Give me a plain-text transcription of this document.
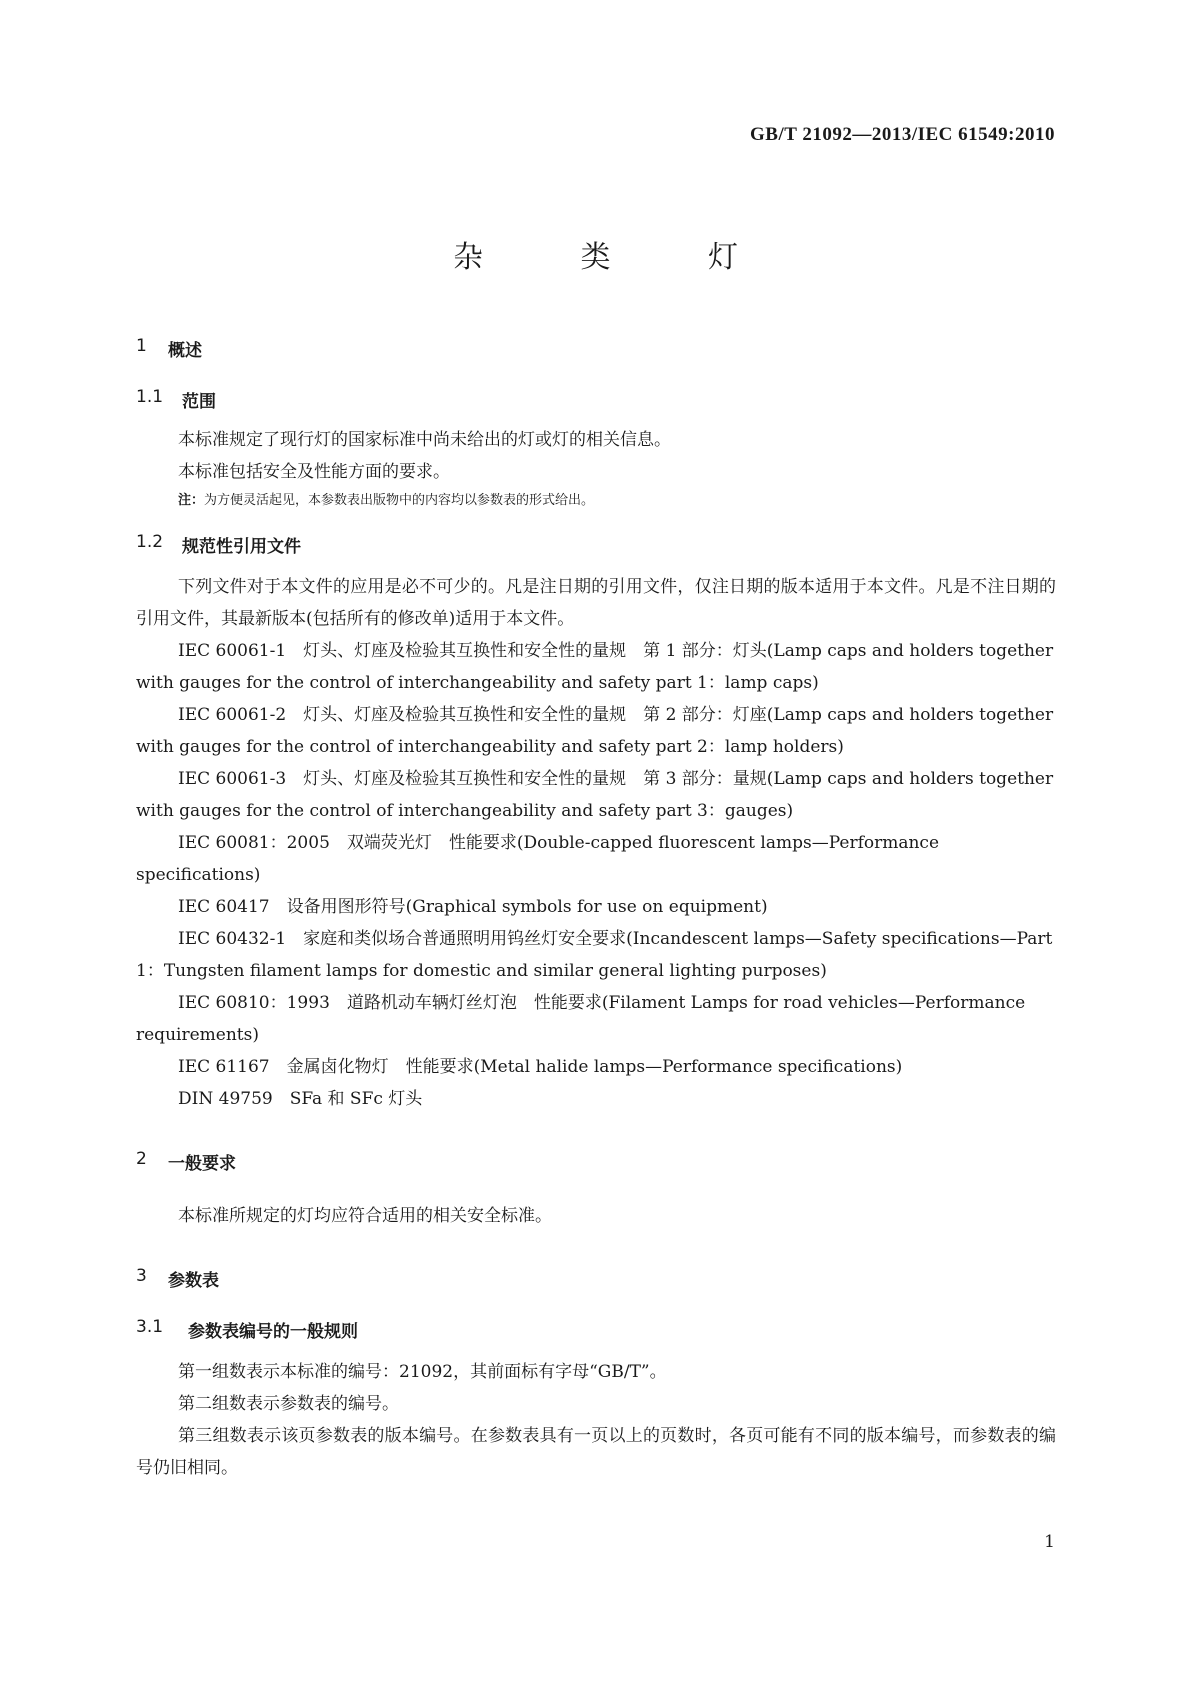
GB/T 21092—2013/IEC 61549:2010
杂 类 灯
1	概述
1.1	范围

本标准规定了现行灯的国家标准中尚未给出的灯或灯的相关信息。

本标准包括安全及性能方面的要求。

注：为方便灵活起见，本参数表出版物中的内容均以参数表的形式给出。

1.2	规范性引用文件

下列文件对于本文件的应用是必不可少的。凡是注日期的引用文件，仅注日期的版本适用于本文件。凡是不注日期的引用文件，其最新版本(包括所有的修改单)适用于本文件。

IEC 60061-1　灯头、灯座及检验其互换性和安全性的量规　第 1 部分：灯头(Lamp caps and holders together with gauges for the control of interchangeability and safety part 1：lamp caps)

IEC 60061-2　灯头、灯座及检验其互换性和安全性的量规　第 2 部分：灯座(Lamp caps and holders together with gauges for the control of interchangeability and safety part 2：lamp holders)

IEC 60061-3　灯头、灯座及检验其互换性和安全性的量规　第 3 部分：量规(Lamp caps and holders together with gauges for the control of interchangeability and safety part 3：gauges)

IEC 60081：2005　双端荧光灯　性能要求(Double-capped fluorescent lamps—Performance specifications)

IEC 60417　设备用图形符号(Graphical symbols for use on equipment)

IEC 60432-1　家庭和类似场合普通照明用钨丝灯安全要求(Incandescent lamps—Safety specifications—Part 1：Tungsten filament lamps for domestic and similar general lighting purposes)

IEC 60810：1993　道路机动车辆灯丝灯泡　性能要求(Filament Lamps for road vehicles—Performance requirements)

IEC 61167　金属卤化物灯　性能要求(Metal halide lamps—Performance specifications)

DIN 49759　SFa 和 SFc 灯头

2	一般要求

本标准所规定的灯均应符合适用的相关安全标准。

3	参数表
3.1	参数表编号的一般规则

第一组数表示本标准的编号：21092，其前面标有字母“GB/T”。

第二组数表示参数表的编号。

第三组数表示该页参数表的版本编号。在参数表具有一页以上的页数时，各页可能有不同的版本编号，而参数表的编号仍旧相同。

1
